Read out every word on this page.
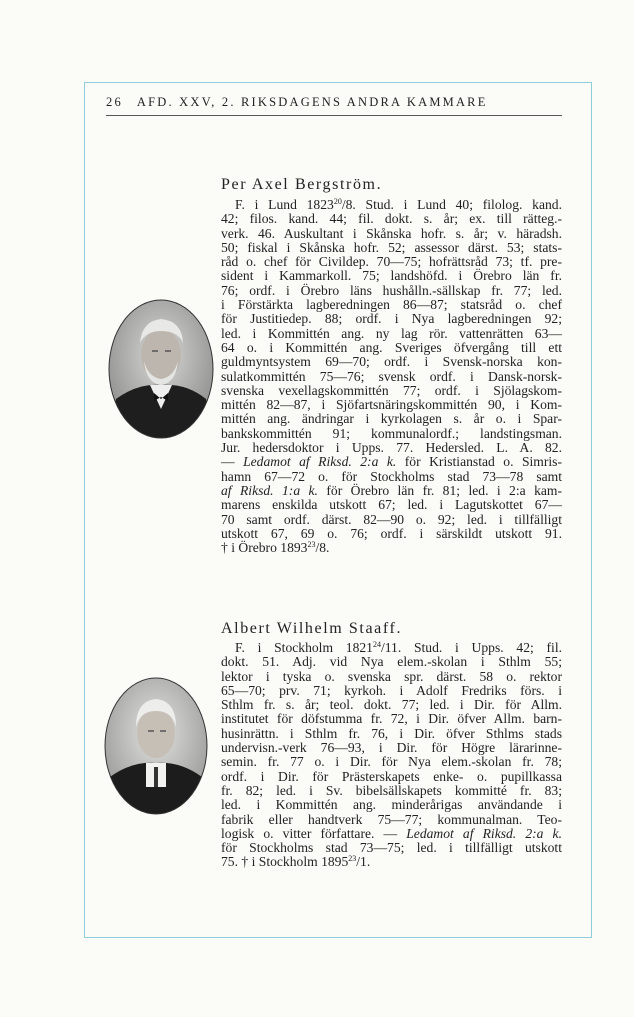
26 AFD. XXV, 2. RIKSDAGENS ANDRA KAMMARE
Per Axel Bergström.
F. i Lund 1823$^{20}$/8. Stud. i Lund 40; filolog. kand.
42; filos. kand. 44; fil. dokt. s. år; ex. till rätteg.-
verk. 46. Auskultant i Skånska hofr. s. år; v. häradsh.
50; fiskal i Skånska hofr. 52; assessor därst. 53; stats-
råd o. chef för Civildep. 70—75; hofrättsråd 73; tf. pre-
sident i Kammarkoll. 75; landshöfd. i Örebro län fr.
76; ordf. i Örebro läns hushålln.-sällskap fr. 77; led.
i Förstärkta lagberedningen 86—87; statsråd o. chef
för Justitiedep. 88; ordf. i Nya lagberedningen 92;
led. i Kommittén ang. ny lag rör. vattenrätten 63—
64 o. i Kommittén ang. Sveriges öfvergång till ett
guldmyntsystem 69—70; ordf. i Svensk-norska kon-
sulatkommittén 75—76; svensk ordf. i Dansk-norsk-
svenska vexellagskommittén 77; ordf. i Sjölagskom-
mittén 82—87, i Sjöfartsnäringskommittén 90, i Kom-
mittén ang. ändringar i kyrkolagen s. år o. i Spar-
bankskommittén 91; kommunalordf.; landstingsman.
Jur. hedersdoktor i Upps. 77. Hedersled. L. A. 82.
— Ledamot af Riksd. 2:a k. för Kristianstad o. Simris-
hamn 67—72 o. för Stockholms stad 73—78 samt
af Riksd. 1:a k. för Örebro län fr. 81; led. i 2:a kam-
marens enskilda utskott 67; led. i Lagutskottet 67—
70 samt ordf. därst. 82—90 o. 92; led. i tillfälligt
utskott 67, 69 o. 76; ordf. i särskildt utskott 91.
† i Örebro 1893$^{23}$/8.
Albert Wilhelm Staaff.
F. i Stockholm 1821$^{24}$/11. Stud. i Upps. 42; fil.
dokt. 51. Adj. vid Nya elem.-skolan i Sthlm 55;
lektor i tyska o. svenska spr. därst. 58 o. rektor
65—70; prv. 71; kyrkoh. i Adolf Fredriks förs. i
Sthlm fr. s. år; teol. dokt. 77; led. i Dir. för Allm.
institutet för döfstumma fr. 72, i Dir. öfver Allm. barn-
husinrättn. i Sthlm fr. 76, i Dir. öfver Sthlms stads
undervisn.-verk 76—93, i Dir. för Högre lärarinne-
semin. fr. 77 o. i Dir. för Nya elem.-skolan fr. 78;
ordf. i Dir. för Prästerskapets enke- o. pupillkassa
fr. 82; led. i Sv. bibelsällskapets kommitté fr. 83;
led. i Kommittén ang. minderårigas användande i
fabrik eller handtverk 75—77; kommunalman. Teo-
logisk o. vitter författare. — Ledamot af Riksd. 2:a k.
för Stockholms stad 73—75; led. i tillfälligt utskott
75. † i Stockholm 1895$^{23}$/1.
